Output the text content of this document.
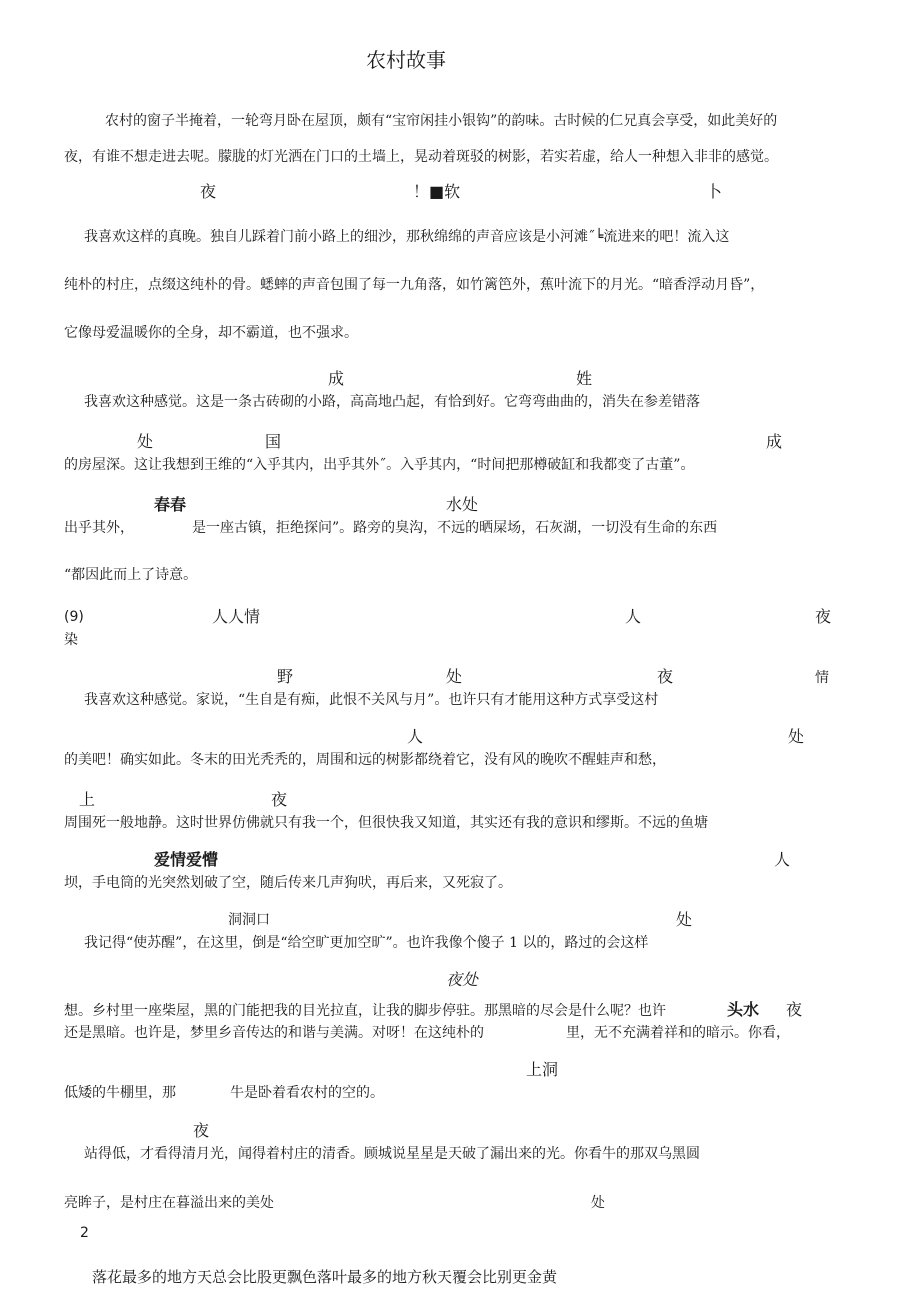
农村故事
农村的窗子半掩着，一轮弯月卧在屋顶，颇有“宝帘闲挂小银钩”的韵味。古时候的仁兄真会享受，如此美好的
夜，有谁不想走进去呢。朦胧的灯光洒在门口的土墙上，晃动着斑驳的树影，若实若虚，给人一种想入非非的感觉。
夜	！■软	卜
我喜欢这样的真晚。独自儿踩着门前小路上的细沙，那秋绵绵的声音应该是小河滩˝╘流进来的吧！流入这
纯朴的村庄，点缀这纯朴的骨。蟋蟀的声音包围了每一九角落，如竹篱笆外，蕉叶流下的月光。“暗香浮动月昏”，
它像母爱温暖你的全身，却不霸道，也不强求。
成	姓
我喜欢这种感觉。这是一条古砖砌的小路，高高地凸起，有恰到好。它弯弯曲曲的，消失在参差错落
处	国	成
的房屋深。这让我想到王维的“入乎其内，出乎其外˝。入乎其内，“时间把那樽破缸和我都变了古董”。
春春	水处
出乎其外，	是一座古镇，拒绝探问”。路旁的臭沟，不远的晒屎场，石灰湖，一切没有生命的东西
“都因此而上了诗意。
(9)	人人情	人	夜
染
野	处	夜	情
我喜欢这种感觉。家说，“生自是有痴，此恨不关风与月”。也许只有才能用这种方式享受这村
人	处
的美吧！确实如此。冬末的田光秃秃的，周围和远的树影都绕着它，没有风的晚吹不醒蛙声和愁，
上	夜
周围死一般地静。这时世界仿佛就只有我一个，但很快我又知道，其实还有我的意识和缪斯。不远的鱼塘
爱情爱懵	人
坝，手电筒的光突然划破了空，随后传来几声狗吠，再后来，又死寂了。
洞洞口	处
我记得“使苏醒”，在这里，倒是“给空旷更加空旷”。也许我像个傻子 1 以的，路过的会这样
夜处
想。乡村里一座柴屋，黑的门能把我的目光拉直，让我的脚步停驻。那黑暗的尽会是什么呢？也许	头水 夜
还是黑暗。也许是，梦里乡音传达的和谐与美满。对呀！在这纯朴的	里，无不充满着祥和的暗示。你看，
上洞
低矮的牛棚里，那	牛是卧着看农村的空的。
夜
站得低，才看得清月光，闻得着村庄的清香。顾城说星星是天破了漏出来的光。你看牛的那双乌黑圆
亮眸子，是村庄在暮溢出来的美处	处
2
落花最多的地方天总会比股更飘色落叶最多的地方秋天覆会比别更金黄
